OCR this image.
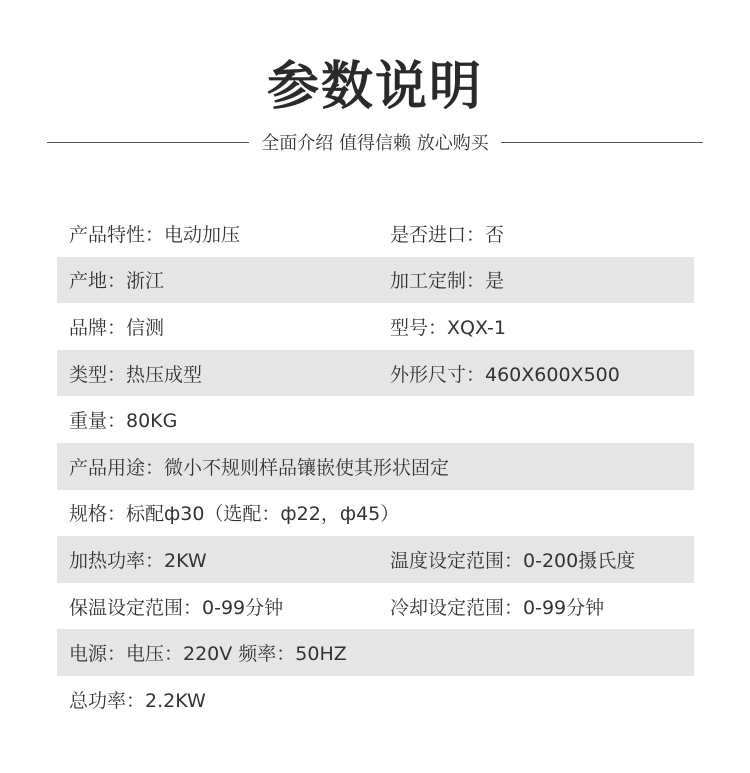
参数说明
全面介绍 值得信赖 放心购买
产品特性：电动加压	是否进口：否
产地：浙江	加工定制：是
品牌：信测	型号：XQX-1
类型：热压成型	外形尺寸：460X600X500
重量：80KG
产品用途：微小不规则样品镶嵌使其形状固定
规格：标配ф30（选配：ф22，ф45）
加热功率：2KW	温度设定范围：0-200摄氏度
保温设定范围：0-99分钟	冷却设定范围：0-99分钟
电源：电压：220V 频率：50HZ
总功率：2.2KW
